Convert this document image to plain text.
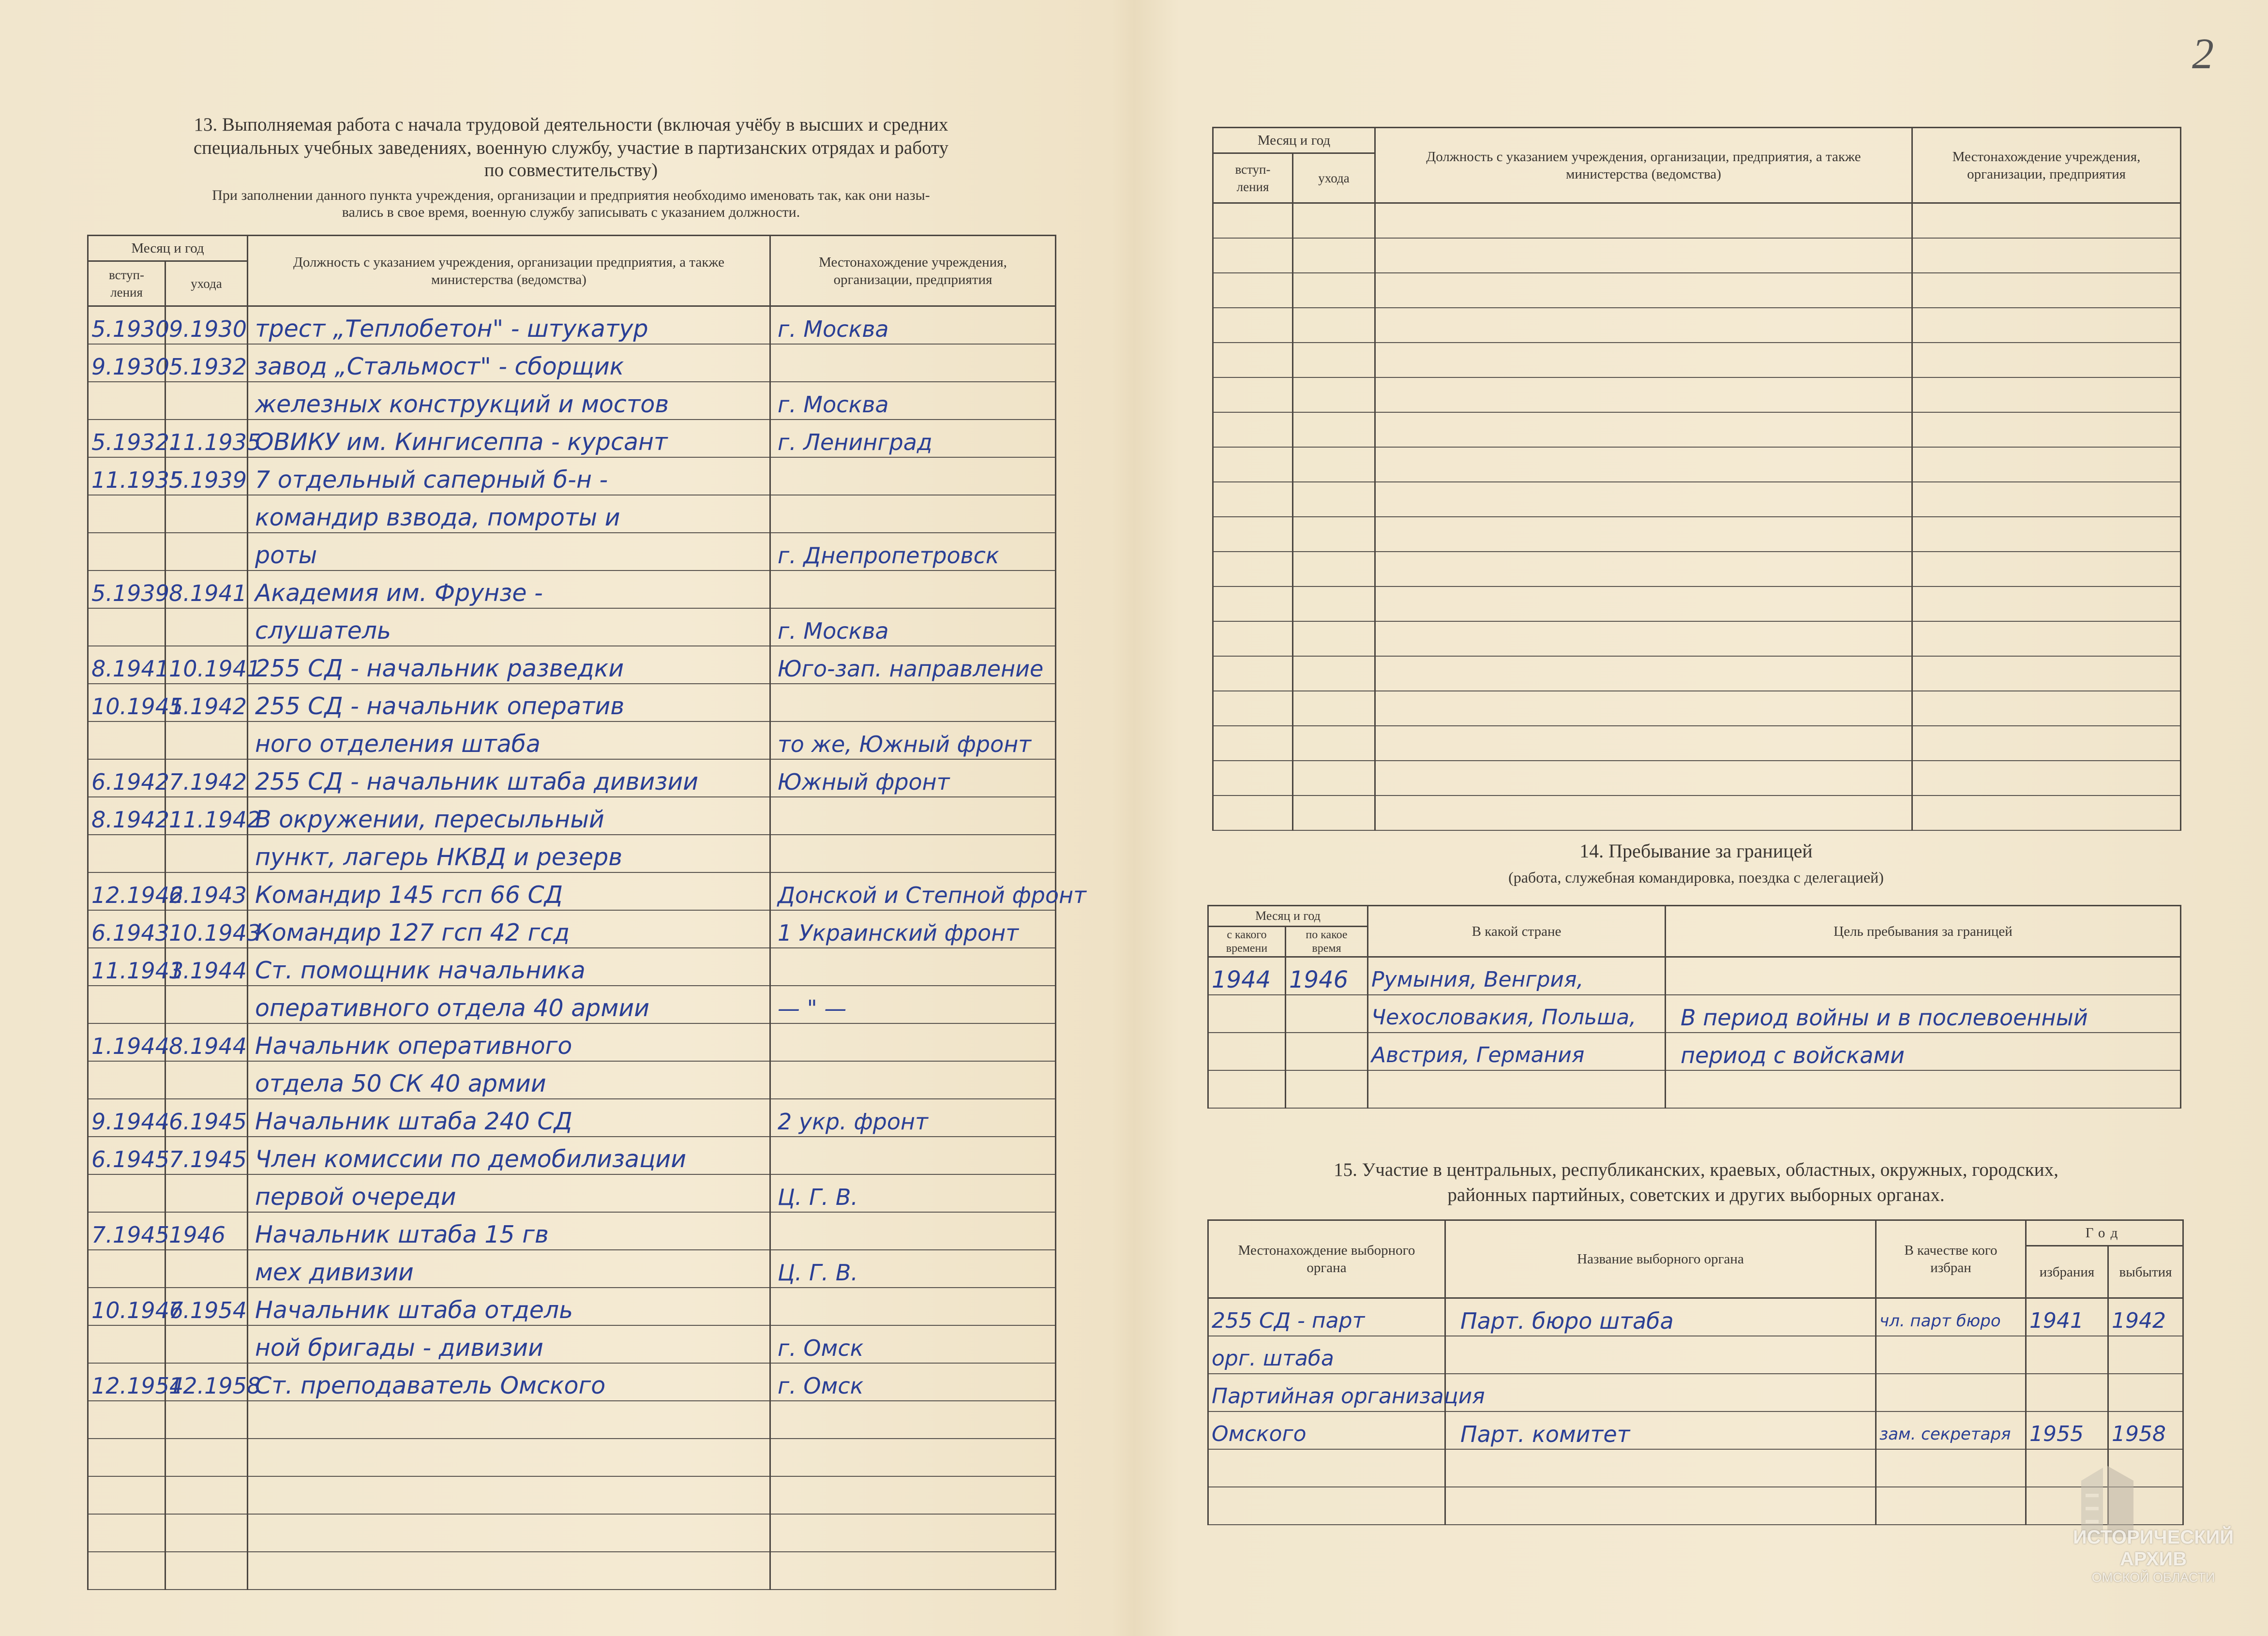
2
13. Выполняемая работа с начала трудовой деятельности (включая учёбу в высших и средних
специальных учебных заведениях, военную службу, участие в партизанских отрядах и работу
по совместительству)
При заполнении данного пункта учреждения, организации и предприятия необходимо именовать так, как они назы-
вались в свое время, военную службу записывать с указанием должности.
Месяц и год		Должность с указанием учреждения, организации предприятия, а также министерства (ведомства)	Местонахождение учреждения, организации, предприятия
вступ-
ления	ухода		
5.1930	9.1930	трест „Теплобетон" - штукатур	г. Москва
9.1930	5.1932	завод „Стальмост" - сборщик	
		железных конструкций и мостов	г. Москва
5.1932.	11.1935	ОВИКУ им. Кингисеппа - курсант	г. Ленинград
11.1935	5.1939	7 отдельный саперный б-н -	
		командир взвода, помроты и	
		роты	г. Днепропетровск
5.1939	8.1941	Академия им. Фрунзе -	
		слушатель	г. Москва
8.1941	10.1941	255 СД - начальник разведки	Юго-зап. направление
10.1941	5.1942	255 СД - начальник оператив	
		ного отделения штаба	то же, Южный фронт
6.1942	7.1942	255 СД - начальник штаба дивизии	Южный фронт
8.1942	11.1942	В окружении, пересыльный	
		пункт, лагерь НКВД и резерв	
12.1942	6.1943	Командир 145 гсп 66 СД	Донской и Степной фронт
6.1943	10.1943	Командир 127 гсп 42 гсд	1 Украинский фронт
11.1943	1.1944	Ст. помощник начальника	
		оперативного отдела 40 армии	— " —
1.1944	8.1944	Начальник оперативного	
		отдела 50 СК 40 армии	
9.1944	6.1945	Начальник штаба 240 СД	2 укр. фронт
6.1945	7.1945	Член комиссии по демобилизации	
		первой очереди	Ц. Г. В.
7.1945	1946	Начальник штаба 15 гв	
		мех дивизии	Ц. Г. В.
10.1946	7.1954	Начальник штаба отдель	
		ной бригады - дивизии	г. Омск
12.1954	12.1958	Ст. преподаватель Омского	г. Омск

Месяц и год		Должность с указанием учреждения, организации, предприятия, а также министерства (ведомства)	Местонахождение учреждения, организации, предприятия
вступ-
ления	ухода		

14. Пребывание за границей
(работа, служебная командировка, поездка с делегацией)
Месяц и год		В какой стране	Цель пребывания за границей
с какого
времени	по какое
время		
1944	1946	Румыния, Венгрия,	
		Чехословакия, Польша,	В период войны и в послевоенный
		Австрия, Германия	период с войсками

15. Участие в центральных, республиканских, краевых, областных, окружных, городских,
районных партийных, советских и других выборных органах.
Местонахождение выборного органа	Название выборного органа	В качестве кого избран	Год	
			избрания	выбытия
255 СД - парт	Парт. бюро штаба	чл. парт бюро	1941	1942
орг. штаба				
Партийная организация				
Омского	Парт. комитет	зам. секретаря	1955	1958

ИСТОРИЧЕСКИЙ
АРХИВ
ОМСКОЙ ОБЛАСТИ
